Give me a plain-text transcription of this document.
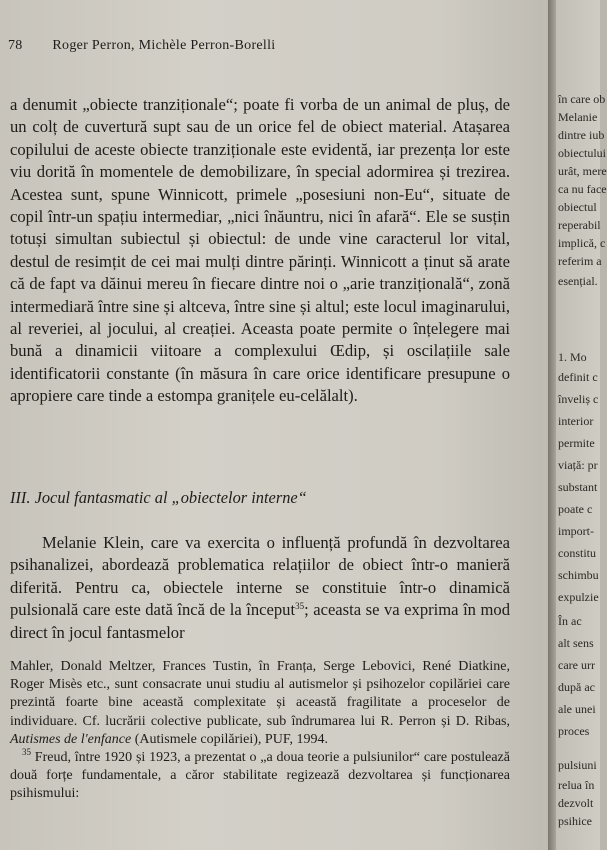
78 Roger Perron, Michèle Perron-Borelli

a denumit „obiecte tranziționale“; poate fi vorba de un animal de pluș, de un colț de cuvertură supt sau de un orice fel de obiect material. Atașarea copilului de aceste obiecte tranziționale este evidentă, iar prezența lor este viu dorită în momentele de demobilizare, în special adormirea și trezirea. Acestea sunt, spune Winnicott, primele „posesiuni non-Eu“, situate de copil într-un spațiu intermediar, „nici înăuntru, nici în afară“. Ele se susțin totuși simultan subiectul și obiectul: de unde vine caracterul lor vital, destul de resimțit de cei mai mulți dintre părinți. Winnicott a ținut să arate că de fapt va dăinui mereu în fiecare dintre noi o „arie tranzițională“, zonă intermediară între sine și altceva, între sine și altul; este locul imaginarului, al reveriei, al jocului, al creației. Aceasta poate permite o înțelegere mai bună a dinamicii viitoare a complexului Œdip, și oscilațiile sale identificatorii constante (în măsura în care orice identificare presupune o apropiere care tinde a estompa granițele eu-celălalt).

III. Jocul fantasmatic al „obiectelor interne“

Melanie Klein, care va exercita o influență profundă în dezvoltarea psihanalizei, abordează problematica relațiilor de obiect într-o manieră diferită. Pentru ca, obiectele interne se constituie într-o dinamică pulsională care este dată încă de la început$^{35}$; aceasta se va exprima în mod direct în jocul fantasmelor

Mahler, Donald Meltzer, Frances Tustin, în Franța, Serge Lebovici, René Diatkine, Roger Misès etc., sunt consacrate unui studiu al autismelor și psihozelor copilăriei care prezintă foarte bine această complexitate și această fragilitate a proceselor de individuare. Cf. lucrării colective publicate, sub îndrumarea lui R. Perron și D. Ribas, Autismes de l'enfance (Autismele copilăriei), PUF, 1994.

$^{35}$ Freud, între 1920 și 1923, a prezentat o „a doua teorie a pulsiunilor“ care postulează două forțe fundamentale, a căror stabilitate regizează dezvoltarea și funcționarea psihismului:

în care ob
Melanie
dintre iub
obiectului
urât, mere
ca nu face
obiectul
reperabil
implică, c
referim a
esențial.
1. Mo
definit c
înveliș c
interior
permite
viață: pr
substant
poate c
import-
constitu
schimbu
expulzie
În ac
alt sens
care urr
după ac
ale unei
proces
pulsiuni
relua în
dezvolt
psihice
